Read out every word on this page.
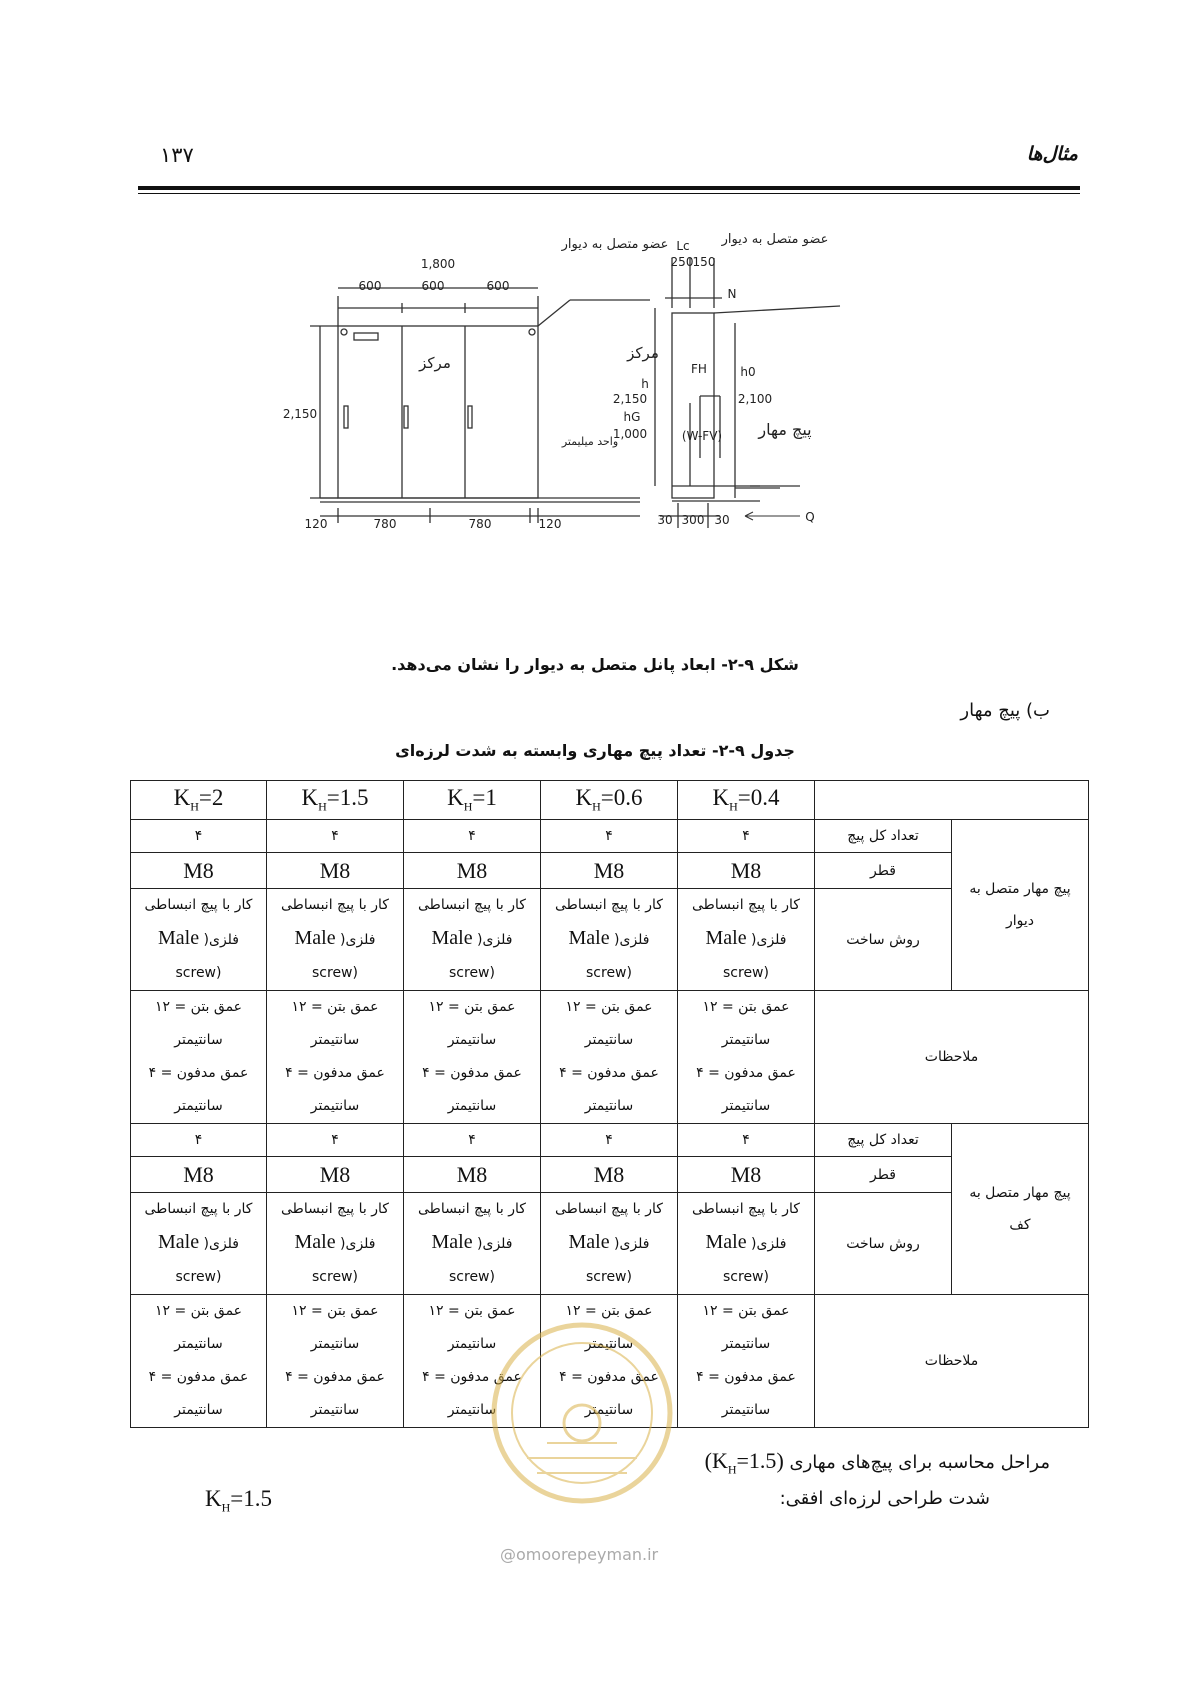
۱۳۷	مثال‌ها
عضو متصل به دیوار	عضو متصل به دیوار
1,800
600	600	600
2,150
مرکز
واحد میلیمتر
120	780	780	120
Lc
250 150
N
مرکز
h
2,150
hG
1,000
FH
(W-FV)
h0
2,100
پیچ مهار
30 300 30	Q
شکل ۹-۲- ابعاد پانل متصل به دیوار را نشان می‌دهد.
ب) پیچ مهار
جدول ۹-۲- تعداد پیچ مهاری وابسته به شدت لرزه‌ای
		$K_H=0.4$	$K_H=0.6$	$K_H=1$	$K_H=1.5$	$K_H=2$
پیچ مهار متصل به
دیوار	تعداد کل پیچ	۴	۴	۴	۴	۴
	قطر	M8	M8	M8	M8	M8
	روش ساخت	کار با پیچ انبساطی
فلزی( Male
(screw	کار با پیچ انبساطی
فلزی( Male
(screw	کار با پیچ انبساطی
فلزی( Male
(screw	کار با پیچ انبساطی
فلزی( Male
(screw	کار با پیچ انبساطی
فلزی( Male
(screw
ملاحظات		عمق بتن = ۱۲
سانتیمتر
عمق مدفون = ۴
سانتیمتر	عمق بتن = ۱۲
سانتیمتر
عمق مدفون = ۴
سانتیمتر	عمق بتن = ۱۲
سانتیمتر
عمق مدفون = ۴
سانتیمتر	عمق بتن = ۱۲
سانتیمتر
عمق مدفون = ۴
سانتیمتر	عمق بتن = ۱۲
سانتیمتر
عمق مدفون = ۴
سانتیمتر
پیچ مهار متصل به
کف	تعداد کل پیچ	۴	۴	۴	۴	۴
	قطر	M8	M8	M8	M8	M8
	روش ساخت	کار با پیچ انبساطی
فلزی( Male
(screw	کار با پیچ انبساطی
فلزی( Male
(screw	کار با پیچ انبساطی
فلزی( Male
(screw	کار با پیچ انبساطی
فلزی( Male
(screw	کار با پیچ انبساطی
فلزی( Male
(screw
ملاحظات		عمق بتن = ۱۲
سانتیمتر
عمق مدفون = ۴
سانتیمتر	عمق بتن = ۱۲
سانتیمتر
عمق مدفون = ۴
سانتیمتر	عمق بتن = ۱۲
سانتیمتر
عمق مدفون = ۴
سانتیمتر	عمق بتن = ۱۲
سانتیمتر
عمق مدفون = ۴
سانتیمتر	عمق بتن = ۱۲
سانتیمتر
عمق مدفون = ۴
سانتیمتر
مراحل محاسبه برای پیچ‌های مهاری $(K_H=1.5)$
شدت طراحی لرزه‌ای افقی:
$K_H=1.5$
@omoorepeyman.ir
